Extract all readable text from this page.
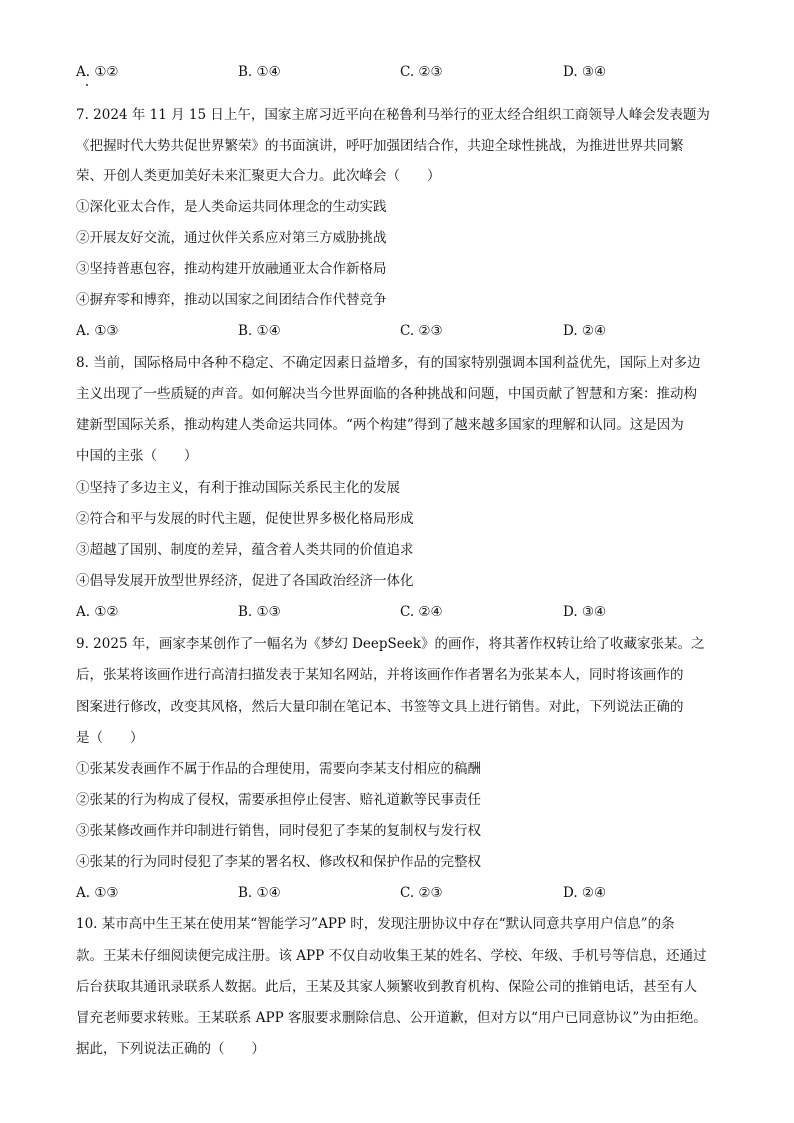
A. ①②	B. ①④	C. ②③	D. ③④
7. 2024 年 11 月 15 日上午，国家主席习近平向在秘鲁利马举行的亚太经合组织工商领导人峰会发表题为
《把握时代大势共促世界繁荣》的书面演讲，呼吁加强团结合作，共迎全球性挑战，为推进世界共同繁
荣、开创人类更加美好未来汇聚更大合力。此次峰会（　　）
①深化亚太合作，是人类命运共同体理念的生动实践
②开展友好交流，通过伙伴关系应对第三方威胁挑战
③坚持普惠包容，推动构建开放融通亚太合作新格局
④摒弃零和博弈，推动以国家之间团结合作代替竞争
A. ①③	B. ①④	C. ②③	D. ②④
8. 当前，国际格局中各种不稳定、不确定因素日益增多，有的国家特别强调本国利益优先，国际上对多边
主义出现了一些质疑的声音。如何解决当今世界面临的各种挑战和问题，中国贡献了智慧和方案：推动构
建新型国际关系，推动构建人类命运共同体。“两个构建”得到了越来越多国家的理解和认同。这是因为
中国的主张（　　）
①坚持了多边主义，有利于推动国际关系民主化的发展
②符合和平与发展的时代主题，促使世界多极化格局形成
③超越了国别、制度的差异，蕴含着人类共同的价值追求
④倡导发展开放型世界经济，促进了各国政治经济一体化
A. ①②	B. ①③	C. ②④	D. ③④
9. 2025 年，画家李某创作了一幅名为《梦幻 DeepSeek》的画作，将其著作权转让给了收藏家张某。之
后，张某将该画作进行高清扫描发表于某知名网站，并将该画作作者署名为张某本人，同时将该画作的
图案进行修改，改变其风格，然后大量印制在笔记本、书签等文具上进行销售。对此，下列说法正确的
是（　　）
①张某发表画作不属于作品的合理使用，需要向李某支付相应的稿酬
②张某的行为构成了侵权，需要承担停止侵害、赔礼道歉等民事责任
③张某修改画作并印制进行销售，同时侵犯了李某的复制权与发行权
④张某的行为同时侵犯了李某的署名权、修改权和保护作品的完整权
A. ①③	B. ①④	C. ②③	D. ②④
10. 某市高中生王某在使用某“智能学习”APP 时，发现注册协议中存在“默认同意共享用户信息”的条
款。王某未仔细阅读便完成注册。该 APP 不仅自动收集王某的姓名、学校、年级、手机号等信息，还通过
后台获取其通讯录联系人数据。此后，王某及其家人频繁收到教育机构、保险公司的推销电话，甚至有人
冒充老师要求转账。王某联系 APP 客服要求删除信息、公开道歉，但对方以“用户已同意协议”为由拒绝。
据此，下列说法正确的（　　）
